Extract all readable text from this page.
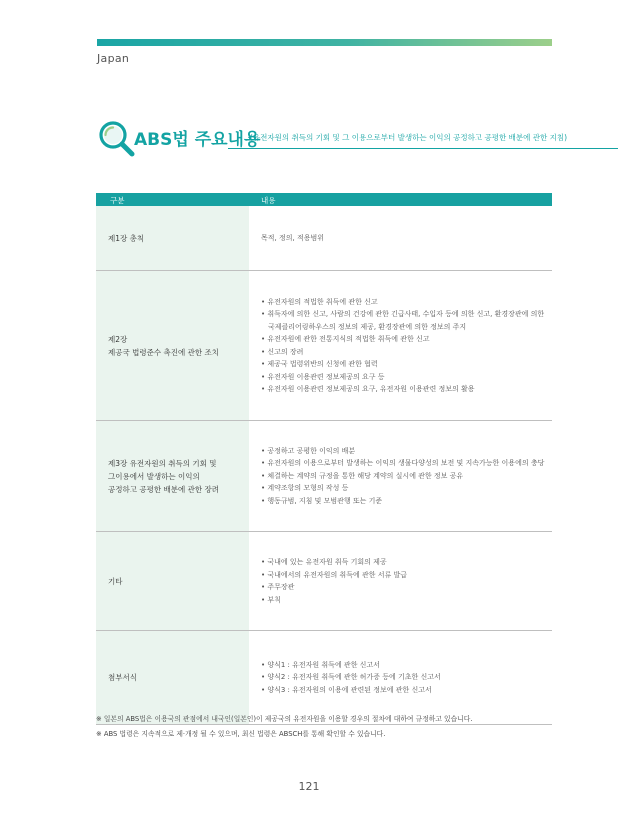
Japan
ABS법 주요내용
(유전자원의 취득의 기회 및 그 이용으로부터 발생하는 이익의 공정하고 공평한 배분에 관한 지침)
구분	내용
제1장 총칙	목적, 정의, 적용범위
제2장
제공국 법령준수 촉진에 관한 조치
• 유전자원의 적법한 취득에 관한 신고
• 취득자에 의한 신고, 사람의 건강에 관한 긴급사태, 수입자 등에 의한 신고, 환경장관에 의한 국제클리어링하우스의 정보의 제공, 환경장관에 의한 정보의 주지
• 유전자원에 관한 전통지식의 적법한 취득에 관한 신고
• 신고의 장려
• 제공국 법령위반의 신청에 관한 협력
• 유전자원 이용관련 정보제공의 요구 등
• 유전자원 이용관련 정보제공의 요구, 유전자원 이용관련 정보의 활용
제3장 유전자원의 취득의 기회 및
그이용에서 발생하는 이익의
공정하고 공평한 배분에 관한 장려
• 공정하고 공평한 이익의 배분
• 유전자원의 이용으로부터 발생하는 이익의 생물다양성의 보전 및 지속가능한 이용에의 충당
• 체결하는 계약의 규정을 통한 해당 계약의 실시에 관한 정보 공유
• 계약조항의 모형의 작성 등
• 행동규범, 지침 및 모범관행 또는 기준
기타
• 국내에 있는 유전자원 취득 기회의 제공
• 국내에서의 유전자원의 취득에 관한 서류 발급
• 주무장관
• 부칙
첨부서식
• 양식1 : 유전자원 취득에 관한 신고서
• 양식2 : 유전자원 취득에 관한 허가증 등에 기초한 신고서
• 양식3 : 유전자원의 이용에 관련된 정보에 관한 신고서
※ 일본의 ABS법은 이용국의 관점에서 내국인(일본인)이 제공국의 유전자원을 이용할 경우의 절차에 대하여 규정하고 있습니다.
※ ABS 법령은 지속적으로 제·개정 될 수 있으며, 최신 법령은 ABSCH를 통해 확인할 수 있습니다.
121
